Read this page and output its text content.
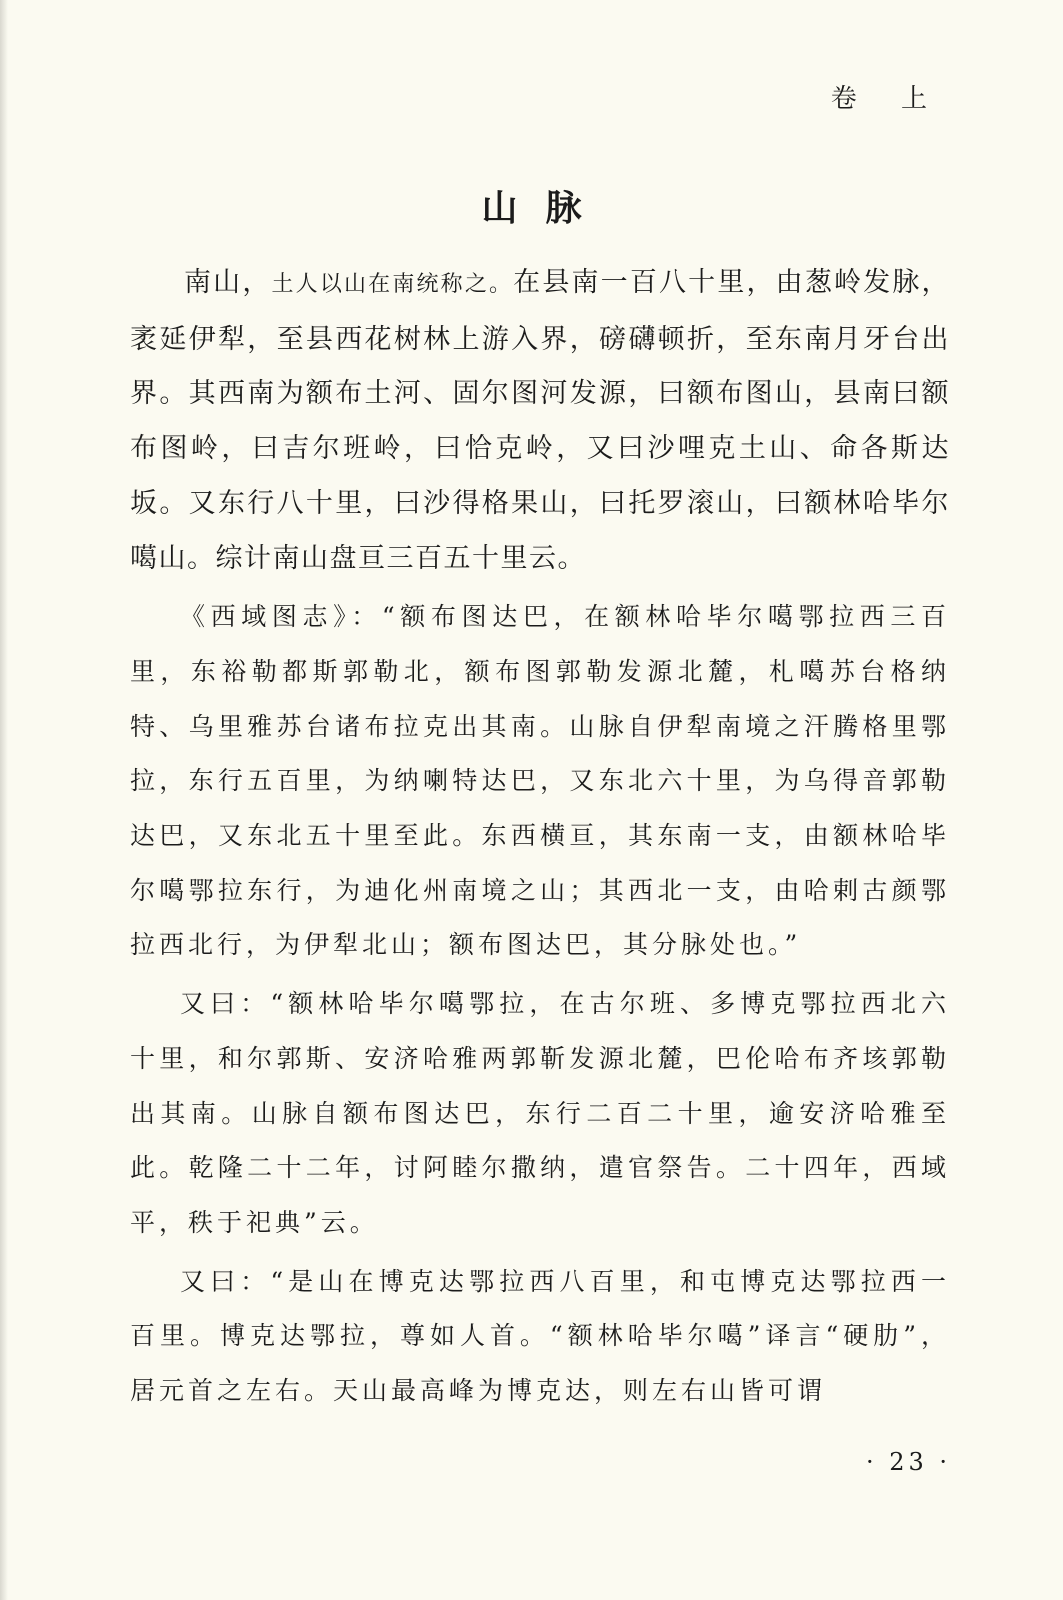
卷 上
山脉

南山，土人以山在南统称之。在县南一百八十里，由葱岭发脉，袤延伊犁，至县西花树林上游入界，磅礴顿折，至东南月牙台出界。其西南为额布土河、固尔图河发源，曰额布图山，县南曰额布图岭，曰吉尔班岭，曰恰克岭，又曰沙哩克土山、命各斯达坂。又东行八十里，曰沙得格果山，曰托罗滚山，曰额林哈毕尔噶山。综计南山盘亘三百五十里云。

《西域图志》：“额布图达巴，在额林哈毕尔噶鄂拉西三百里，东裕勒都斯郭勒北，额布图郭勒发源北麓，札噶苏台格纳特、乌里雅苏台诸布拉克出其南。山脉自伊犁南境之汗腾格里鄂拉，东行五百里，为纳喇特达巴，又东北六十里，为乌得音郭勒达巴，又东北五十里至此。东西横亘，其东南一支，由额林哈毕尔噶鄂拉东行，为迪化州南境之山；其西北一支，由哈剌古颜鄂拉西北行，为伊犁北山；额布图达巴，其分脉处也。”

又曰：“额林哈毕尔噶鄂拉，在古尔班、多博克鄂拉西北六十里，和尔郭斯、安济哈雅两郭靳发源北麓，巴伦哈布齐垓郭勒出其南。山脉自额布图达巴，东行二百二十里，逾安济哈雅至此。乾隆二十二年，讨阿睦尔撒纳，遣官祭告。二十四年，西域平，秩于祀典”云。

又曰：“是山在博克达鄂拉西八百里，和屯博克达鄂拉西一百里。博克达鄂拉，尊如人首。“额林哈毕尔噶”译言“硬肋”，居元首之左右。天山最高峰为博克达，则左右山皆可谓

· 23 ·
